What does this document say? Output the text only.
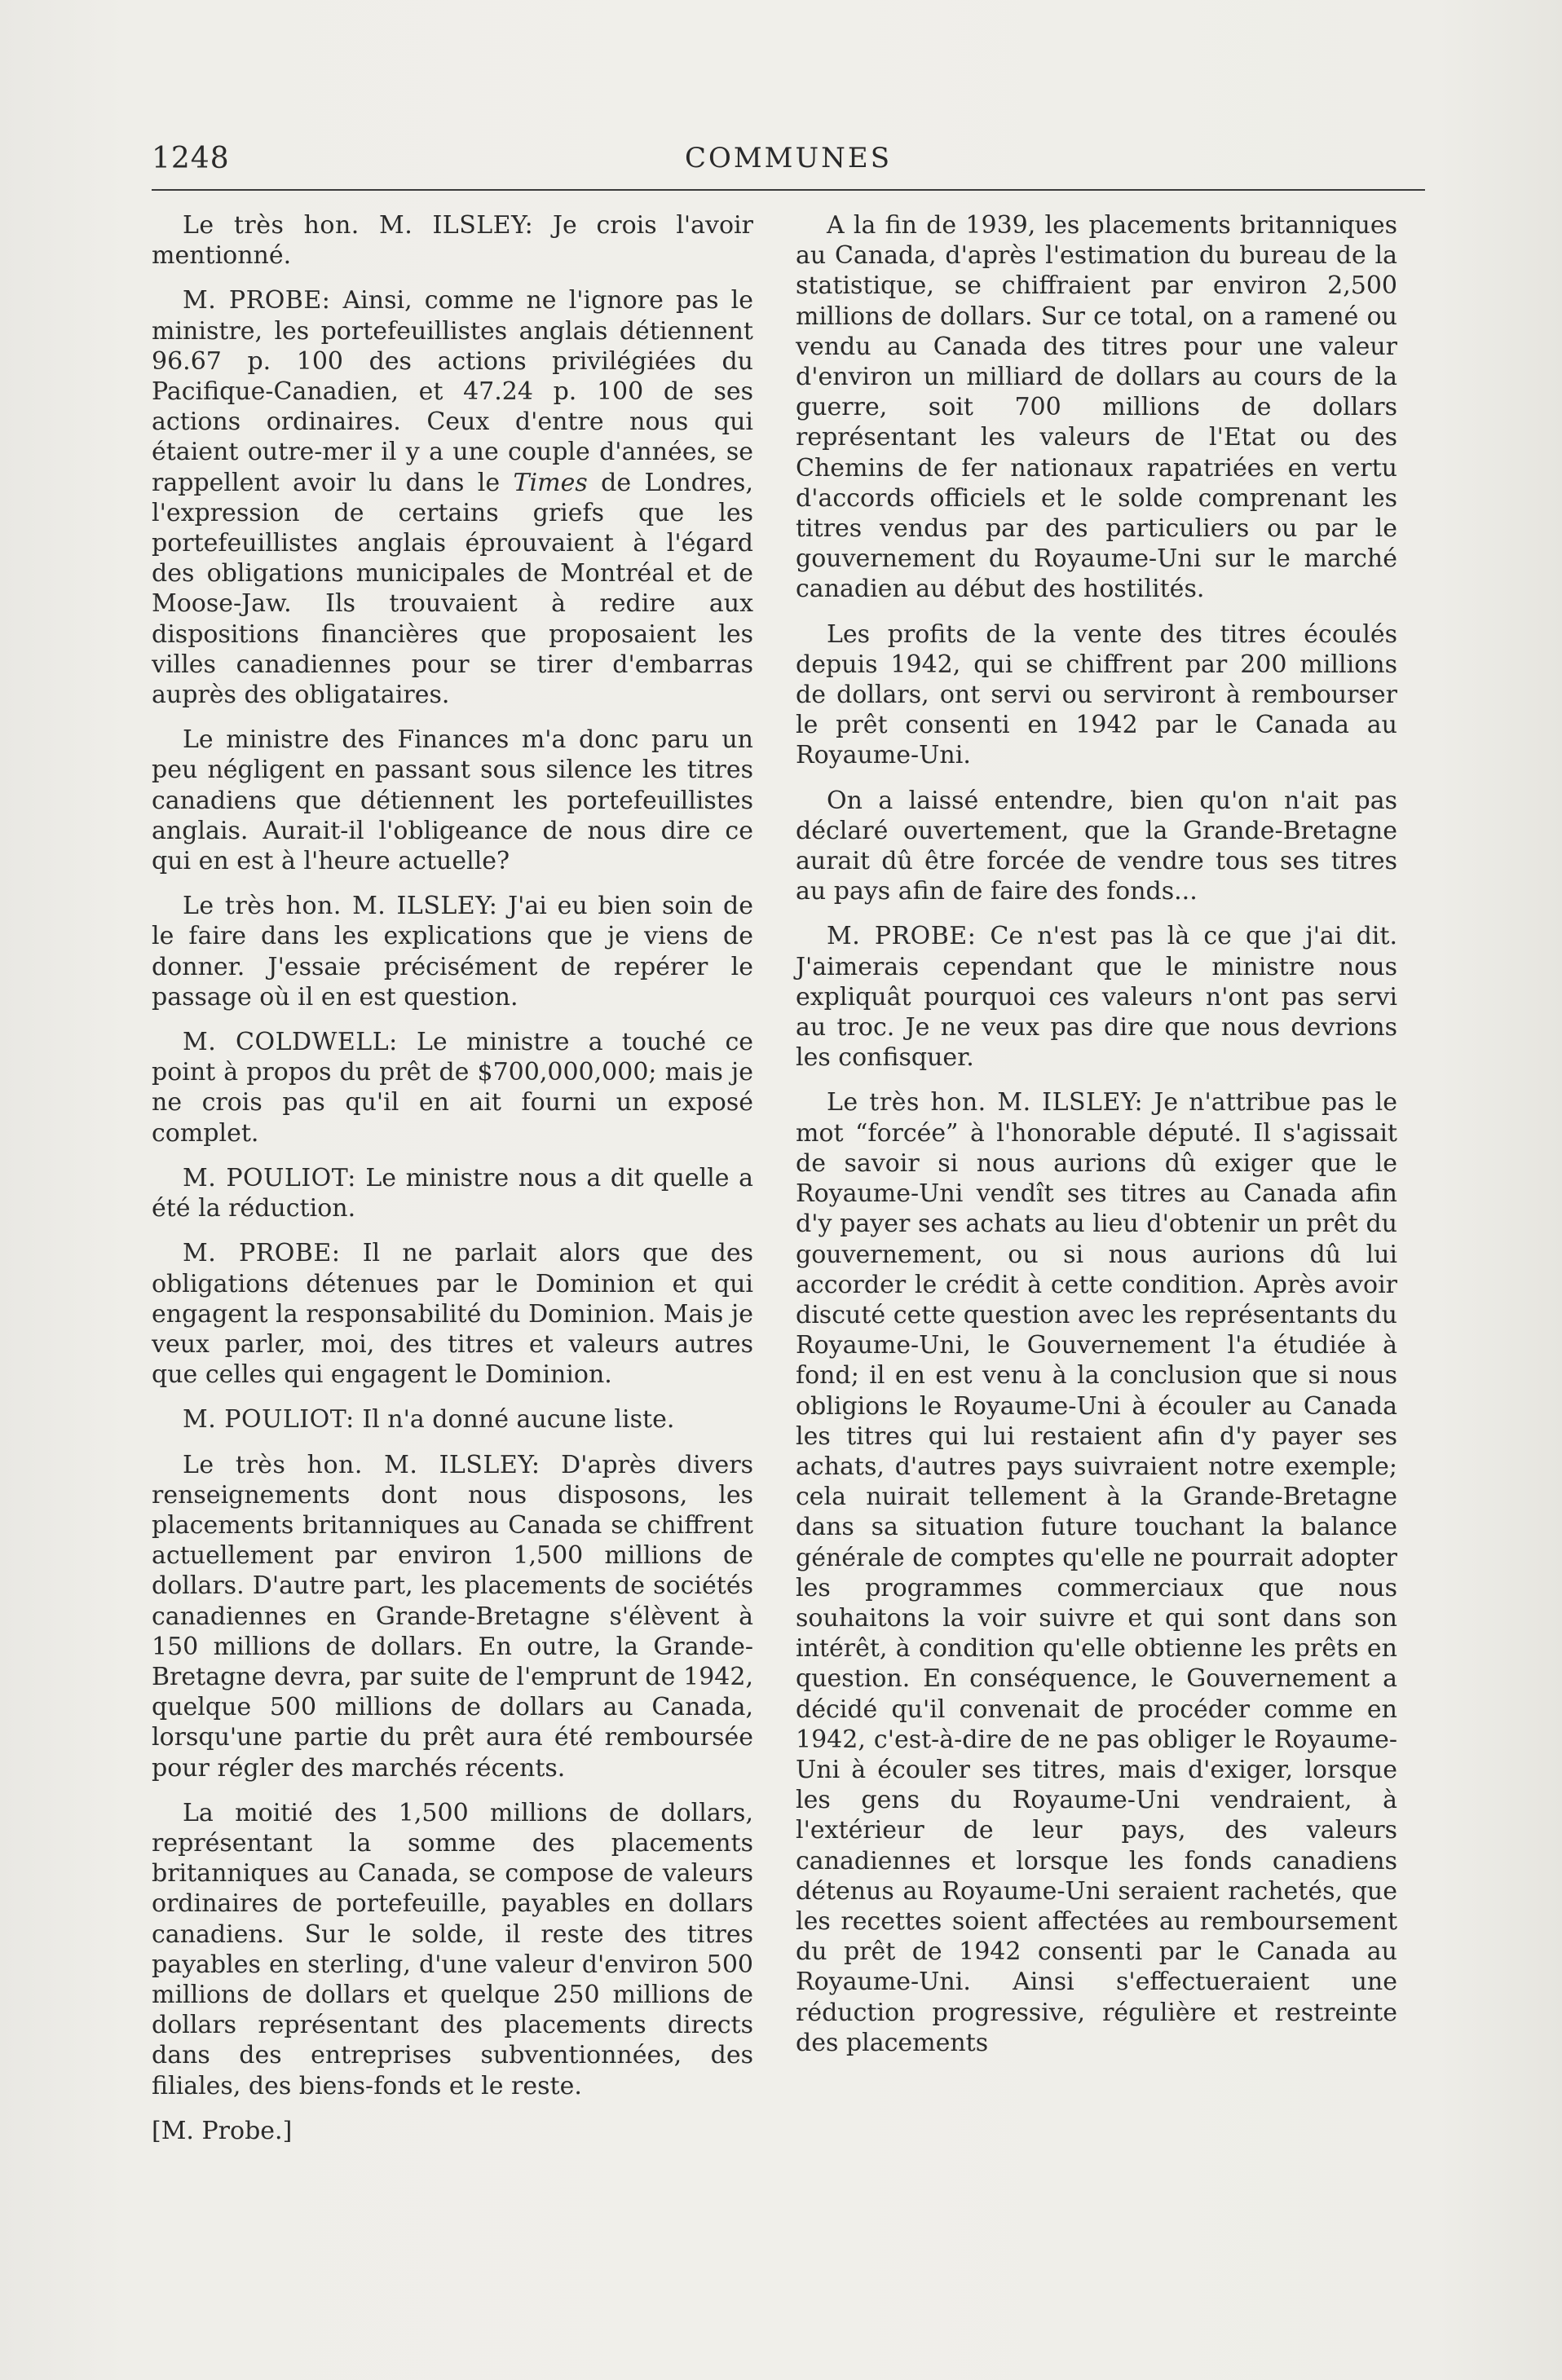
1248	COMMUNES

Le très hon. M. ILSLEY: Je crois l'avoir mentionné.

M. PROBE: Ainsi, comme ne l'ignore pas le ministre, les portefeuillistes anglais détiennent 96.67 p. 100 des actions privilégiées du Pacifique-Canadien, et 47.24 p. 100 de ses actions ordinaires. Ceux d'entre nous qui étaient outre-mer il y a une couple d'années, se rappellent avoir lu dans le Times de Londres, l'expression de certains griefs que les portefeuillistes anglais éprouvaient à l'égard des obligations municipales de Montréal et de Moose-Jaw. Ils trouvaient à redire aux dispositions financières que proposaient les villes canadiennes pour se tirer d'embarras auprès des obligataires.

Le ministre des Finances m'a donc paru un peu négligent en passant sous silence les titres canadiens que détiennent les portefeuillistes anglais. Aurait-il l'obligeance de nous dire ce qui en est à l'heure actuelle?

Le très hon. M. ILSLEY: J'ai eu bien soin de le faire dans les explications que je viens de donner. J'essaie précisément de repérer le passage où il en est question.

M. COLDWELL: Le ministre a touché ce point à propos du prêt de $700,000,000; mais je ne crois pas qu'il en ait fourni un exposé complet.

M. POULIOT: Le ministre nous a dit quelle a été la réduction.

M. PROBE: Il ne parlait alors que des obligations détenues par le Dominion et qui engagent la responsabilité du Dominion. Mais je veux parler, moi, des titres et valeurs autres que celles qui engagent le Dominion.

M. POULIOT: Il n'a donné aucune liste.

Le très hon. M. ILSLEY: D'après divers renseignements dont nous disposons, les placements britanniques au Canada se chiffrent actuellement par environ 1,500 millions de dollars. D'autre part, les placements de sociétés canadiennes en Grande-Bretagne s'élèvent à 150 millions de dollars. En outre, la Grande-Bretagne devra, par suite de l'emprunt de 1942, quelque 500 millions de dollars au Canada, lorsqu'une partie du prêt aura été remboursée pour régler des marchés récents.

La moitié des 1,500 millions de dollars, représentant la somme des placements britanniques au Canada, se compose de valeurs ordinaires de portefeuille, payables en dollars canadiens. Sur le solde, il reste des titres payables en sterling, d'une valeur d'environ 500 millions de dollars et quelque 250 millions de dollars représentant des placements directs dans des entreprises subventionnées, des filiales, des biens-fonds et le reste.

[M. Probe.]

A la fin de 1939, les placements britanniques au Canada, d'après l'estimation du bureau de la statistique, se chiffraient par environ 2,500 millions de dollars. Sur ce total, on a ramené ou vendu au Canada des titres pour une valeur d'environ un milliard de dollars au cours de la guerre, soit 700 millions de dollars représentant les valeurs de l'Etat ou des Chemins de fer nationaux rapatriées en vertu d'accords officiels et le solde comprenant les titres vendus par des particuliers ou par le gouvernement du Royaume-Uni sur le marché canadien au début des hostilités.

Les profits de la vente des titres écoulés depuis 1942, qui se chiffrent par 200 millions de dollars, ont servi ou serviront à rembourser le prêt consenti en 1942 par le Canada au Royaume-Uni.

On a laissé entendre, bien qu'on n'ait pas déclaré ouvertement, que la Grande-Bretagne aurait dû être forcée de vendre tous ses titres au pays afin de faire des fonds...

M. PROBE: Ce n'est pas là ce que j'ai dit. J'aimerais cependant que le ministre nous expliquât pourquoi ces valeurs n'ont pas servi au troc. Je ne veux pas dire que nous devrions les confisquer.

Le très hon. M. ILSLEY: Je n'attribue pas le mot “forcée” à l'honorable député. Il s'agissait de savoir si nous aurions dû exiger que le Royaume-Uni vendît ses titres au Canada afin d'y payer ses achats au lieu d'obtenir un prêt du gouvernement, ou si nous aurions dû lui accorder le crédit à cette condition. Après avoir discuté cette question avec les représentants du Royaume-Uni, le Gouvernement l'a étudiée à fond; il en est venu à la conclusion que si nous obligions le Royaume-Uni à écouler au Canada les titres qui lui restaient afin d'y payer ses achats, d'autres pays suivraient notre exemple; cela nuirait tellement à la Grande-Bretagne dans sa situation future touchant la balance générale de comptes qu'elle ne pourrait adopter les programmes commerciaux que nous souhaitons la voir suivre et qui sont dans son intérêt, à condition qu'elle obtienne les prêts en question. En conséquence, le Gouvernement a décidé qu'il convenait de procéder comme en 1942, c'est-à-dire de ne pas obliger le Royaume-Uni à écouler ses titres, mais d'exiger, lorsque les gens du Royaume-Uni vendraient, à l'extérieur de leur pays, des valeurs canadiennes et lorsque les fonds canadiens détenus au Royaume-Uni seraient rachetés, que les recettes soient affectées au remboursement du prêt de 1942 consenti par le Canada au Royaume-Uni. Ainsi s'effectueraient une réduction progressive, régulière et restreinte des placements
